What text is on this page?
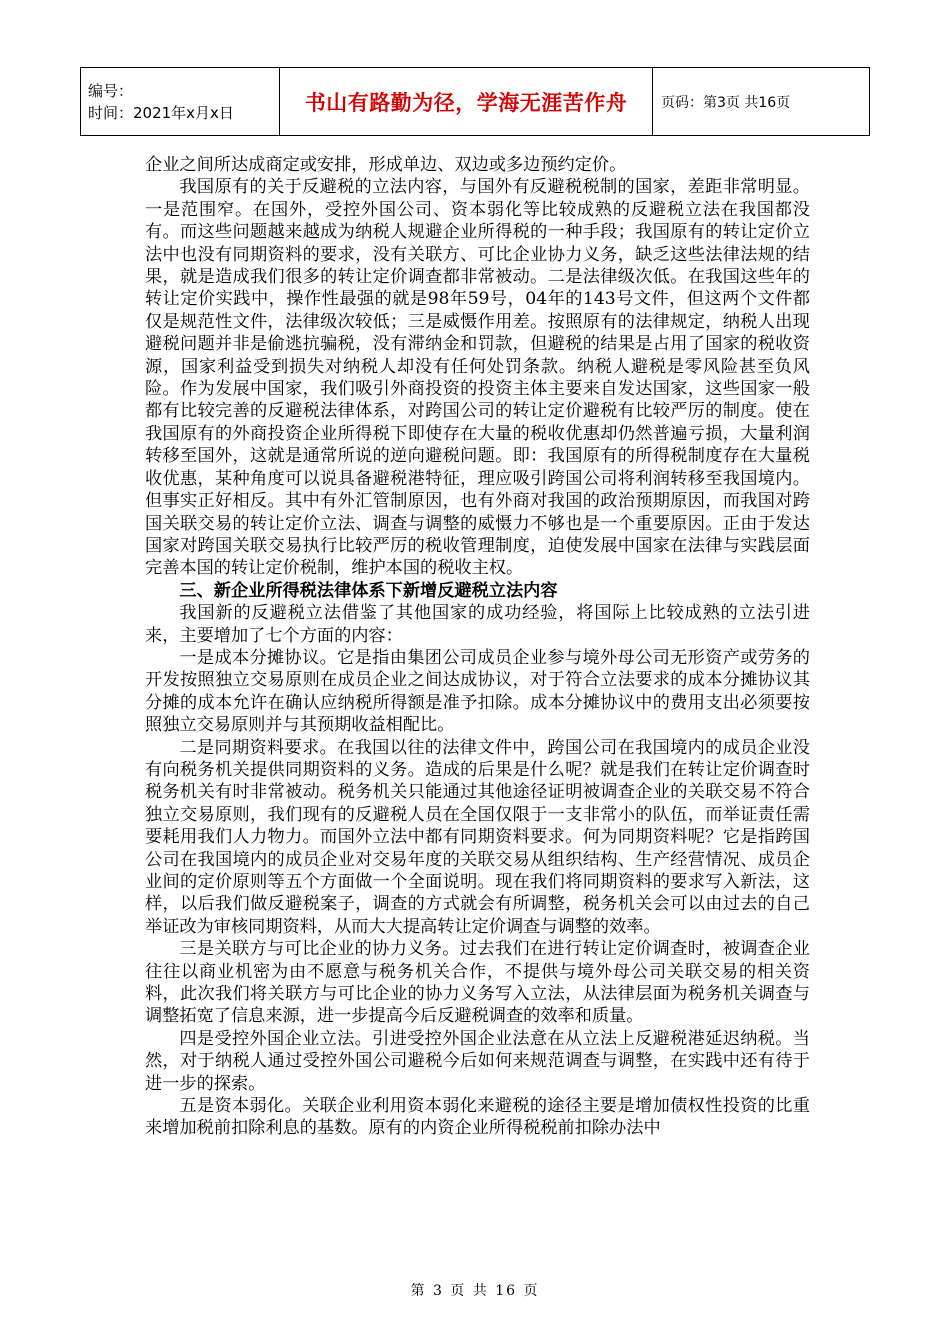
编号：
时间：2021年x月x日	书山有路勤为径，学海无涯苦作舟	页码：第3页 共16页

企业之间所达成商定或安排，形成单边、双边或多边预约定价。

我国原有的关于反避税的立法内容，与国外有反避税税制的国家，差距非常明显。一是范围窄。在国外，受控外国公司、资本弱化等比较成熟的反避税立法在我国都没有。而这些问题越来越成为纳税人规避企业所得税的一种手段；我国原有的转让定价立法中也没有同期资料的要求，没有关联方、可比企业协力义务，缺乏这些法律法规的结果，就是造成我们很多的转让定价调查都非常被动。二是法律级次低。在我国这些年的转让定价实践中，操作性最强的就是98年59号，04年的143号文件，但这两个文件都仅是规范性文件，法律级次较低；三是威慑作用差。按照原有的法律规定，纳税人出现避税问题并非是偷逃抗骗税，没有滞纳金和罚款，但避税的结果是占用了国家的税收资源，国家利益受到损失对纳税人却没有任何处罚条款。纳税人避税是零风险甚至负风险。作为发展中国家，我们吸引外商投资的投资主体主要来自发达国家，这些国家一般都有比较完善的反避税法律体系，对跨国公司的转让定价避税有比较严厉的制度。使在我国原有的外商投资企业所得税下即使存在大量的税收优惠却仍然普遍亏损，大量利润转移至国外，这就是通常所说的逆向避税问题。即：我国原有的所得税制度存在大量税收优惠，某种角度可以说具备避税港特征，理应吸引跨国公司将利润转移至我国境内。但事实正好相反。其中有外汇管制原因，也有外商对我国的政治预期原因，而我国对跨国关联交易的转让定价立法、调查与调整的威慑力不够也是一个重要原因。正由于发达国家对跨国关联交易执行比较严厉的税收管理制度，迫使发展中国家在法律与实践层面完善本国的转让定价税制，维护本国的税收主权。

三、新企业所得税法律体系下新增反避税立法内容

我国新的反避税立法借鉴了其他国家的成功经验，将国际上比较成熟的立法引进来，主要增加了七个方面的内容：

一是成本分摊协议。它是指由集团公司成员企业参与境外母公司无形资产或劳务的开发按照独立交易原则在成员企业之间达成协议，对于符合立法要求的成本分摊协议其分摊的成本允许在确认应纳税所得额是准予扣除。成本分摊协议中的费用支出必须要按照独立交易原则并与其预期收益相配比。

二是同期资料要求。在我国以往的法律文件中，跨国公司在我国境内的成员企业没有向税务机关提供同期资料的义务。造成的后果是什么呢？就是我们在转让定价调查时税务机关有时非常被动。税务机关只能通过其他途径证明被调查企业的关联交易不符合独立交易原则，我们现有的反避税人员在全国仅限于一支非常小的队伍，而举证责任需要耗用我们人力物力。而国外立法中都有同期资料要求。何为同期资料呢？它是指跨国公司在我国境内的成员企业对交易年度的关联交易从组织结构、生产经营情况、成员企业间的定价原则等五个方面做一个全面说明。现在我们将同期资料的要求写入新法，这样，以后我们做反避税案子，调查的方式就会有所调整，税务机关会可以由过去的自己举证改为审核同期资料，从而大大提高转让定价调查与调整的效率。

三是关联方与可比企业的协力义务。过去我们在进行转让定价调查时，被调查企业往往以商业机密为由不愿意与税务机关合作，不提供与境外母公司关联交易的相关资料，此次我们将关联方与可比企业的协力义务写入立法，从法律层面为税务机关调查与调整拓宽了信息来源，进一步提高今后反避税调查的效率和质量。

四是受控外国企业立法。引进受控外国企业法意在从立法上反避税港延迟纳税。当然，对于纳税人通过受控外国公司避税今后如何来规范调查与调整，在实践中还有待于进一步的探索。

五是资本弱化。关联企业利用资本弱化来避税的途径主要是增加债权性投资的比重来增加税前扣除利息的基数。原有的内资企业所得税税前扣除办法中

第 3 页 共 16 页
